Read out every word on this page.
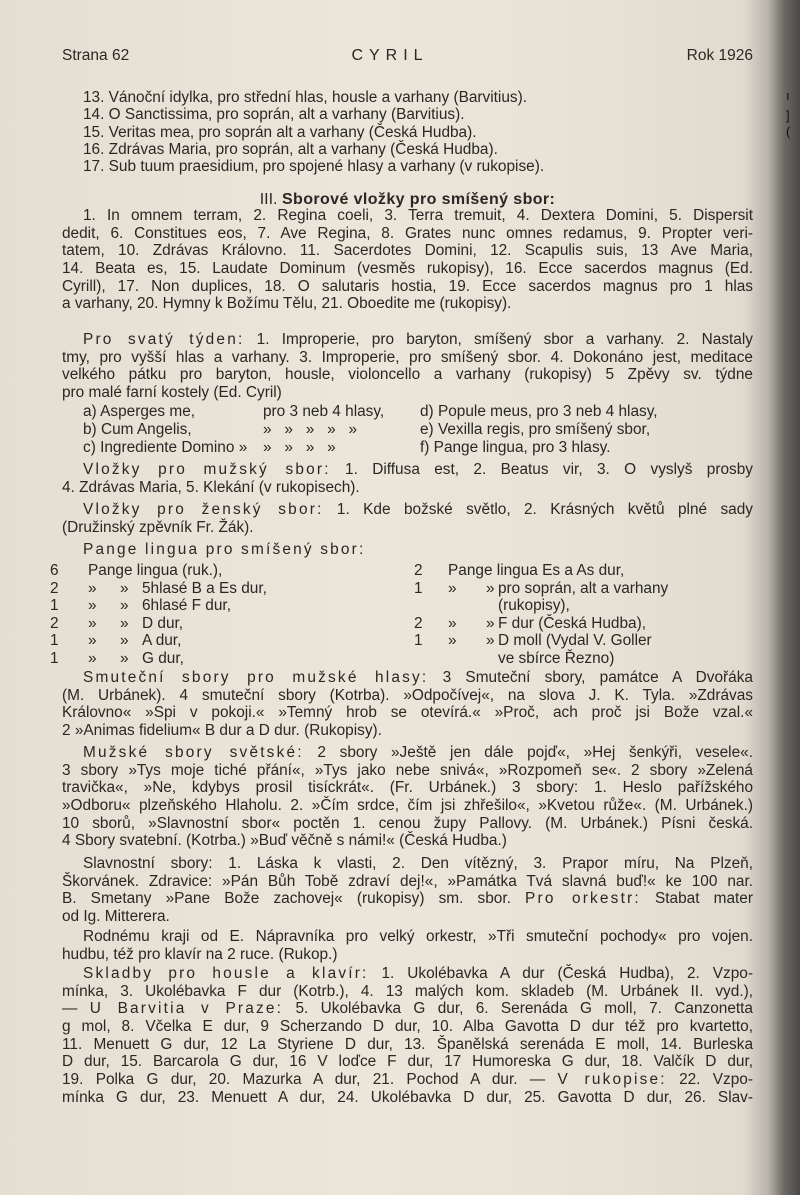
Strana 62	CYRIL	Rok 1926
13. Vánoční idylka, pro střední hlas, housle a varhany (Barvitius).
14. O Sanctissima, pro soprán, alt a varhany (Barvitius).
15. Veritas mea, pro soprán alt a varhany (Česká Hudba).
16. Zdrávas Maria, pro soprán, alt a varhany (Česká Hudba).
17. Sub tuum praesidium, pro spojené hlasy a varhany (v rukopise).
III. Sborové vložky pro smíšený sbor:
1. In omnem terram, 2. Regina coeli, 3. Terra tremuit, 4. Dextera Domini, 5. Dispersit
dedit, 6. Constitues eos, 7. Ave Regina, 8. Grates nunc omnes redamus, 9. Propter veri-
tatem, 10. Zdrávas Královno. 11. Sacerdotes Domini, 12. Scapulis suis, 13 Ave Maria,
14. Beata es, 15. Laudate Dominum (vesměs rukopisy), 16. Ecce sacerdos magnus (Ed.
Cyrill), 17. Non duplices, 18. O salutaris hostia, 19. Ecce sacerdos magnus pro 1 hlas
a varhany, 20. Hymny k Božímu Tělu, 21. Oboedite me (rukopisy).
Pro svatý týden: 1. Improperie, pro baryton, smíšený sbor a varhany. 2. Nastaly
tmy, pro vyšší hlas a varhany. 3. Improperie, pro smíšený sbor. 4. Dokonáno jest, meditace
velkého pátku pro baryton, housle, violoncello a varhany (rukopisy) 5 Zpěvy sv. týdne
pro malé farní kostely (Ed. Cyril)
a) Asperges me,	pro 3 neb 4 hlasy, d) Popule meus, pro 3 neb 4 hlasy,
b) Cum Angelis,	»   »   »   »   »	e) Vexilla regis, pro smíšený sbor,
c) Ingrediente Domino »	»   »   »   »	f) Pange lingua, pro 3 hlasy.
Vložky pro mužský sbor: 1. Diffusa est, 2. Beatus vir, 3. O vyslyš prosby
4. Zdrávas Maria, 5. Klekání (v rukopisech).
Vložky pro ženský sbor: 1. Kde božské světlo, 2. Krásných květů plné sady
(Družinský zpěvník Fr. Žák).
Pange lingua pro smíšený sbor:
6 Pange lingua (ruk.),	2 Pange lingua Es a As dur,
2 » » 5hlasé B a Es dur,	1 » » pro soprán, alt a varhany
1 » » 6hlasé F dur,	(rukopisy),
2 » » D dur,	2 » » F dur (Česká Hudba),
1 » » A dur,	1 » » D moll (Vydal V. Goller
1 » » G dur,	ve sbírce Řezno)
Smuteční sbory pro mužské hlasy: 3 Smuteční sbory, památce A Dvořáka
(M. Urbánek). 4 smuteční sbory (Kotrba). »Odpočívej«, na slova J. K. Tyla. »Zdrávas
Královno« »Spi v pokoji.« »Temný hrob se otevírá.« »Proč, ach proč jsi Bože vzal.«
2 »Animas fidelium« B dur a D dur. (Rukopisy).
Mužské sbory světské: 2 sbory »Ještě jen dále pojď«, »Hej šenkýři, vesele«.
3 sbory »Tys moje tiché přání«, »Tys jako nebe snivá«, »Rozpomeň se«. 2 sbory »Zelená
travička«, »Ne, kdybys prosil tisíckrát«. (Fr. Urbánek.) 3 sbory: 1. Heslo pařížského
»Odboru« plzeňského Hlaholu. 2. »Čím srdce, čím jsi zhřešilo«, »Kvetou růže«. (M. Urbánek.)
10 sborů, »Slavnostní sbor« poctěn 1. cenou župy Pallovy. (M. Urbánek.) Písni česká.
4 Sbory svatební. (Kotrba.) »Buď věčně s námi!« (Česká Hudba.)
Slavnostní sbory: 1. Láska k vlasti, 2. Den vítězný, 3. Prapor míru, Na Plzeň,
Škorvánek. Zdravice: »Pán Bůh Tobě zdraví dej!«, »Památka Tvá slavná buď!« ke 100 nar.
B. Smetany »Pane Bože zachovej« (rukopisy) sm. sbor. Pro orkestr: Stabat mater
od Ig. Mitterera.
Rodnému kraji od E. Nápravníka pro velký orkestr, »Tři smuteční pochody« pro vojen.
hudbu, též pro klavír na 2 ruce. (Rukop.)
Skladby pro housle a klavír: 1. Ukolébavka A dur (Česká Hudba), 2. Vzpo-
mínka, 3. Ukolébavka F dur (Kotrb.), 4. 13 malých kom. skladeb (M. Urbánek II. vyd.),
— U Barvitia v Praze: 5. Ukolébavka G dur, 6. Serenáda G moll, 7. Canzonetta
g mol, 8. Včelka E dur, 9 Scherzando D dur, 10. Alba Gavotta D dur též pro kvartetto,
11. Menuett G dur, 12 La Styriene D dur, 13. Španělská serenáda E moll, 14. Burleska
D dur, 15. Barcarola G dur, 16 V loďce F dur, 17 Humoreska G dur, 18. Valčík D dur,
19. Polka G dur, 20. Mazurka A dur, 21. Pochod A dur. — V rukopise: 22. Vzpo-
mínka G dur, 23. Menuett A dur, 24. Ukolébavka D dur, 25. Gavotta D dur, 26. Slav-
ı
]
(
